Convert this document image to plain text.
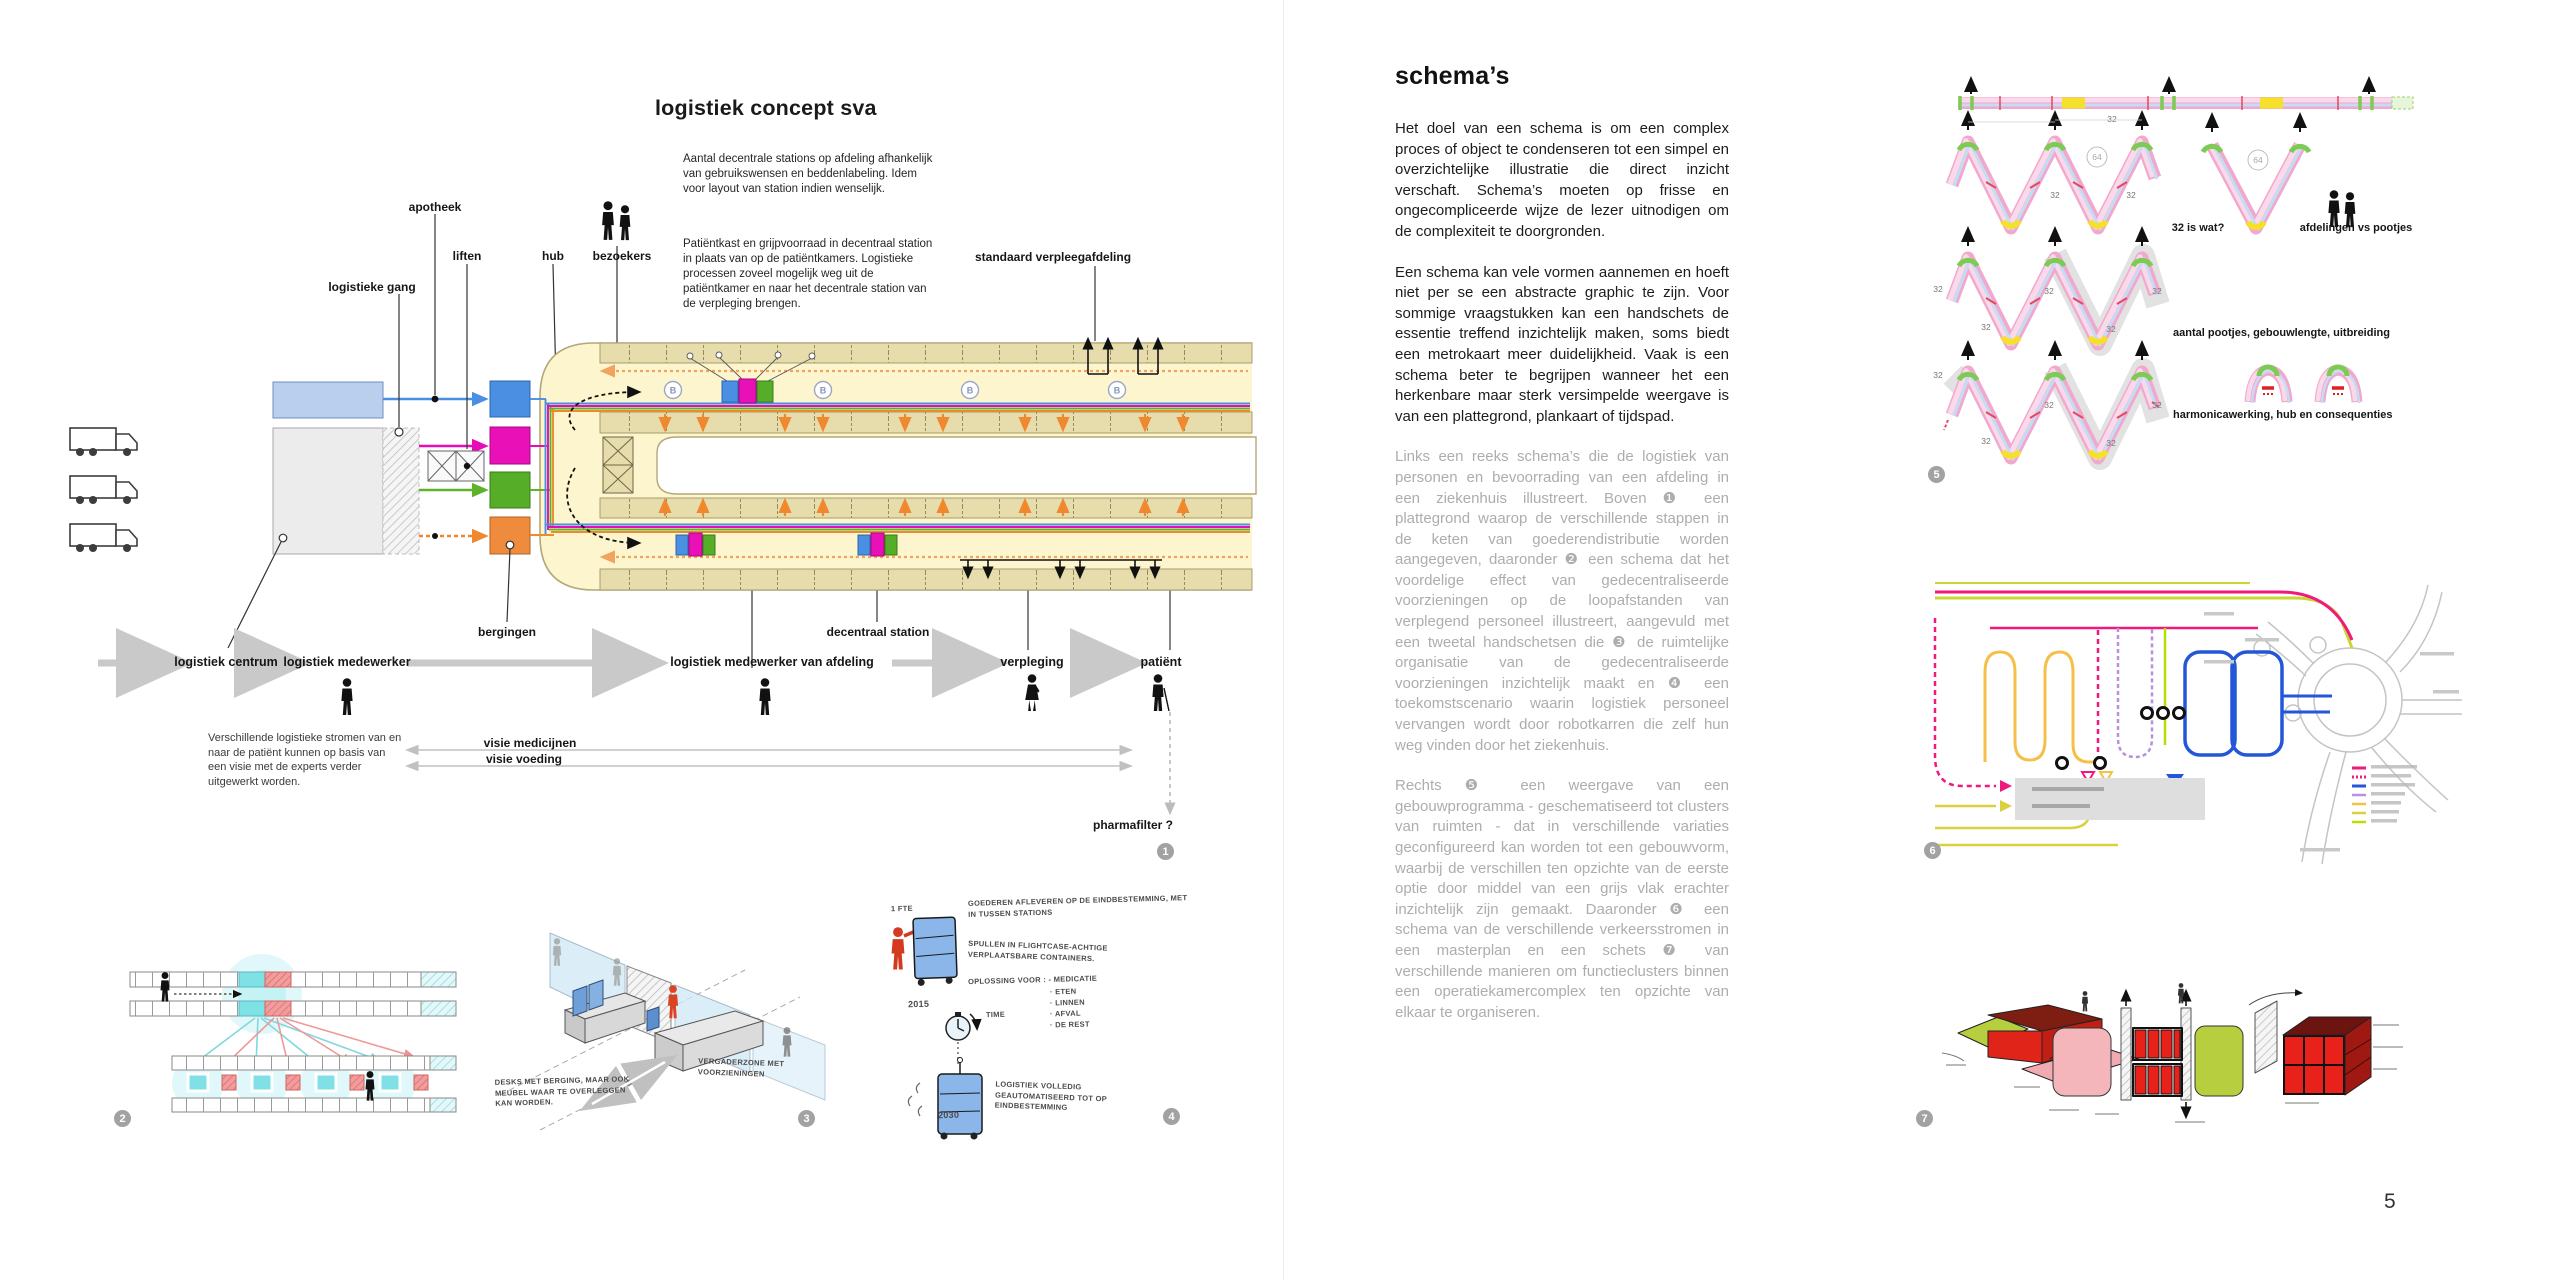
B	B	B	B
32
64	64
32	32
32	32	32
32	32
32
32	32
32	32
logistiek concept sva
Aantal decentrale stations op afdeling afhankelijk van gebruikswensen en beddenlabeling. Idem voor layout van station indien wenselijk.
Patiëntkast en grijpvoorraad in decentraal station in plaats van op de patiëntkamers. Logistieke processen zoveel mogelijk weg uit de patiëntkamer en naar het decentrale station van de verpleging brengen.
apotheek
logistieke gang
liften	hub bezoekers	standaard verpleegafdeling
bergingen	decentraal station
logistiek centrum logistiek medewerker	logistiek medewerker van afdeling	verpleging	patiënt
Verschillende logistieke stromen van en naar de patiënt kunnen op basis van een visie met de experts verder uitgewerkt worden.
visie medicijnen
visie voeding
pharmafilter ?
DESKS MET BERGING, MAAR OOK MEUBEL WAAR TE OVERLEGGEN KAN WORDEN.
VERGADERZONE MET VOORZIENINGEN
1 FTE
GOEDEREN AFLEVEREN OP DE EINDBESTEMMING, MET IN TUSSEN STATIONS
SPULLEN IN FLIGHTCASE-ACHTIGE VERPLAATSBARE CONTAINERS.
OPLOSSING VOOR : - MEDICATIE
· ETEN
· LINNEN
· AFVAL
· DE REST
2015
TIME
2030
LOGISTIEK VOLLEDIG GEAUTOMATISEERD TOT OP EINDBESTEMMING
1
2	3	4
5
6
7
schema’s

Het doel van een schema is om een complex proces of object te condenseren tot een simpel en overzichtelijke illustratie die direct inzicht verschaft. Schema’s moeten op frisse en ongecompliceerde wijze de lezer uitnodigen om de complexiteit te doorgronden.

Een schema kan vele vormen aannemen en hoeft niet per se een abstracte graphic te zijn. Voor sommige vraagstukken kan een handschets de essentie treffend inzichtelijk maken, soms biedt een metrokaart meer duidelijkheid. Vaak is een schema beter te begrijpen wanneer het een herkenbare maar sterk versimpelde weergave is van een plattegrond, plankaart of tijdspad.

Links een reeks schema’s die de logistiek van personen en bevoorrading van een afdeling in een ziekenhuis illustreert. Boven ❶ een plattegrond waarop de verschillende stappen in de keten van goederendistributie worden aangegeven, daaronder ❷ een schema dat het voordelige effect van gedecentraliseerde voorzieningen op de loopafstanden van verplegend personeel illustreert, aangevuld met een tweetal handschetsen die ❸ de ruimtelijke organisatie van de gedecentraliseerde voorzieningen inzichtelijk maakt en ❹ een toekomstscenario waarin logistiek personeel vervangen wordt door robotkarren die zelf hun weg vinden door het ziekenhuis.

Rechts ❺ een weergave van een gebouwprogramma - geschematiseerd tot clusters van ruimten - dat in verschillende variaties geconfigureerd kan worden tot een gebouwvorm, waarbij de verschillen ten opzichte van de eerste optie door middel van een grijs vlak erachter inzichtelijk zijn gemaakt. Daaronder ❻ een schema van de verschillende verkeersstromen in een masterplan en een schets ❼ van verschillende manieren om functieclusters binnen een operatiekamercomplex ten opzichte van elkaar te organiseren.

32 is wat?	afdelingen vs pootjes
aantal pootjes, gebouwlengte, uitbreiding
harmonicawerking, hub en consequenties
5
